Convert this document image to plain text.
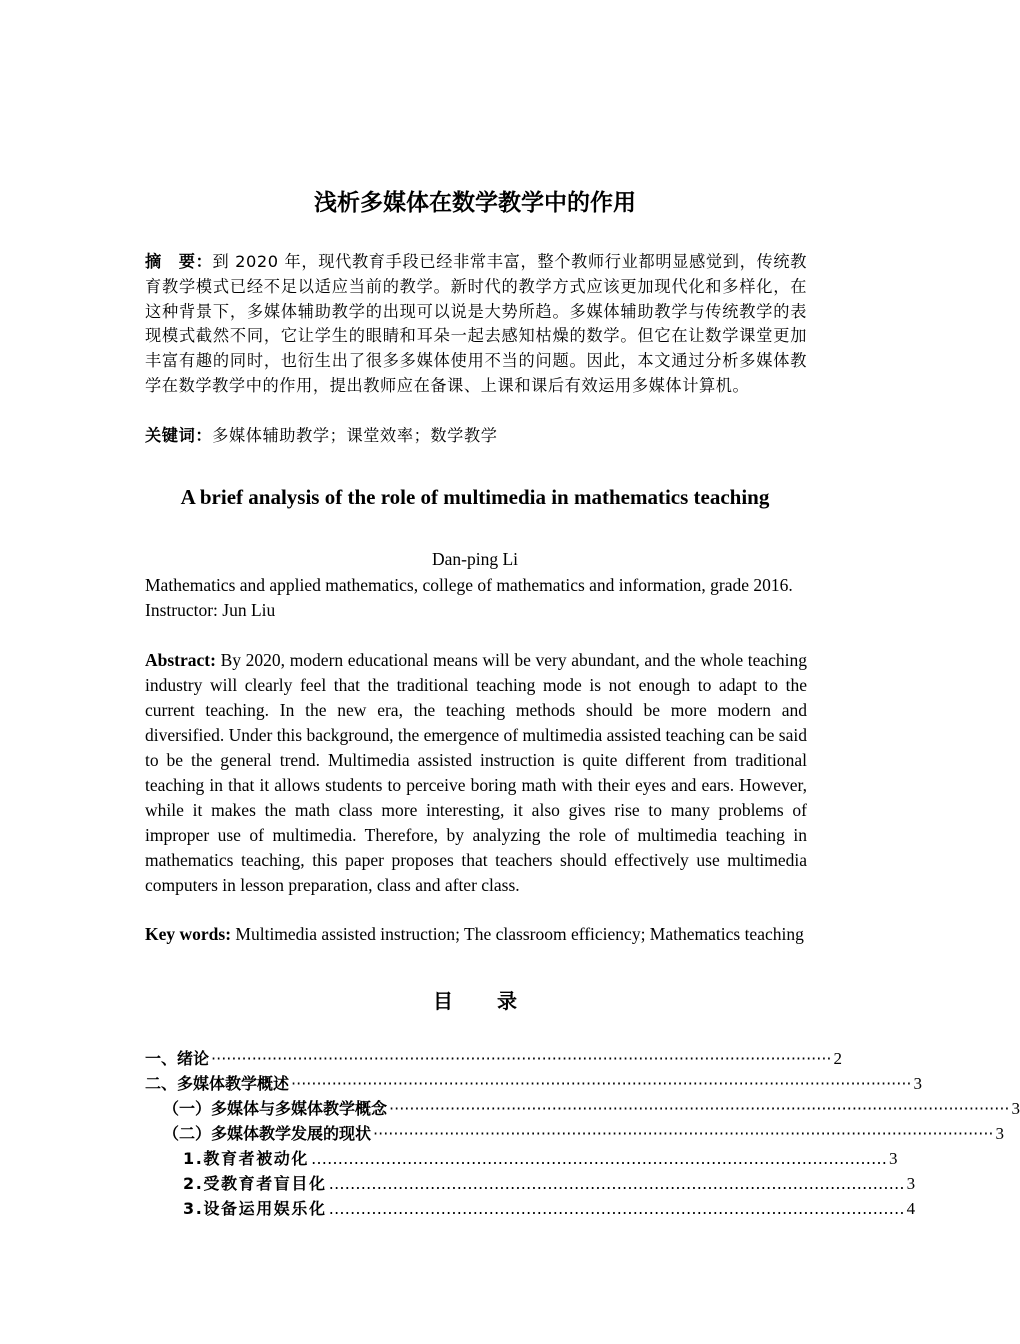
浅析多媒体在数学教学中的作用
摘　要：到 2020 年，现代教育手段已经非常丰富，整个教师行业都明显感觉到，传统教育教学模式已经不足以适应当前的教学。新时代的教学方式应该更加现代化和多样化，在这种背景下，多媒体辅助教学的出现可以说是大势所趋。多媒体辅助教学与传统教学的表现模式截然不同，它让学生的眼睛和耳朵一起去感知枯燥的数学。但它在让数学课堂更加丰富有趣的同时，也衍生出了很多多媒体使用不当的问题。因此，本文通过分析多媒体教学在数学教学中的作用，提出教师应在备课、上课和课后有效运用多媒体计算机。
关键词：多媒体辅助教学；课堂效率；数学教学
A brief analysis of the role of multimedia in mathematics teaching
Dan-ping Li
Mathematics and applied mathematics, college of mathematics and information, grade 2016. Instructor: Jun Liu
Abstract: By 2020, modern educational means will be very abundant, and the whole teaching industry will clearly feel that the traditional teaching mode is not enough to adapt to the current teaching. In the new era, the teaching methods should be more modern and diversified. Under this background, the emergence of multimedia assisted teaching can be said to be the general trend. Multimedia assisted instruction is quite different from traditional teaching in that it allows students to perceive boring math with their eyes and ears. However, while it makes the math class more interesting, it also gives rise to many problems of improper use of multimedia. Therefore, by analyzing the role of multimedia teaching in mathematics teaching, this paper proposes that teachers should effectively use multimedia computers in lesson preparation, class and after class.
Key words: Multimedia assisted instruction; The classroom efficiency; Mathematics teaching
目 录
一、绪论 ·························································································································· 2
二、多媒体教学概述 ·························································································································· 3
（一）多媒体与多媒体教学概念 ·························································································································· 3
（二）多媒体教学发展的现状 ·························································································································· 3
1.教育者被动化 ……………………………………………………………………………………………… 3
2.受教育者盲目化 ……………………………………………………………………………………………… 3
3.设备运用娱乐化 ……………………………………………………………………………………………… 4
